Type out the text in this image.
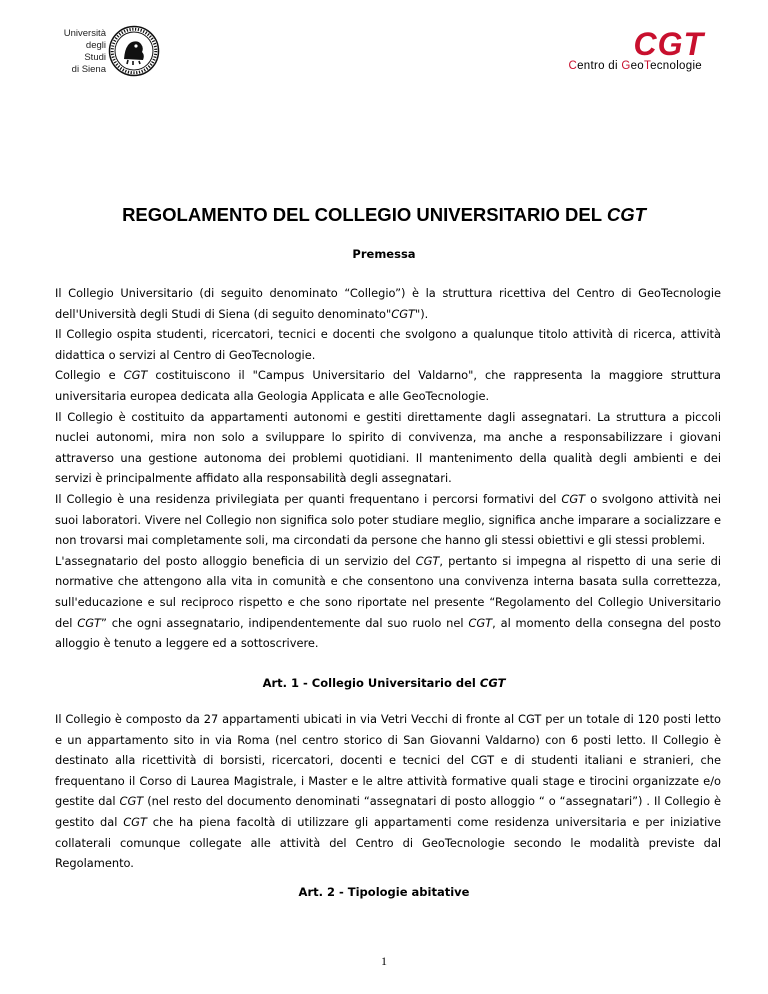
Università
degli
Studi
di Siena
CGT
Centro di GeoTecnologie
REGOLAMENTO DEL COLLEGIO UNIVERSITARIO DEL CGT
Premessa

Il Collegio Universitario (di seguito denominato “Collegio”) è la struttura ricettiva del Centro di GeoTecnologie dell'Università degli Studi di Siena (di seguito denominato"CGT").

Il Collegio ospita studenti, ricercatori, tecnici e docenti che svolgono a qualunque titolo attività di ricerca, attività didattica o servizi al Centro di GeoTecnologie.

Collegio e CGT costituiscono il "Campus Universitario del Valdarno", che rappresenta la maggiore struttura universitaria europea dedicata alla Geologia Applicata e alle GeoTecnologie.

Il Collegio è costituito da appartamenti autonomi e gestiti direttamente dagli assegnatari. La struttura a piccoli nuclei autonomi, mira non solo a sviluppare lo spirito di convivenza, ma anche a responsabilizzare i giovani attraverso una gestione autonoma dei problemi quotidiani. Il mantenimento della qualità degli ambienti e dei servizi è principalmente affidato alla responsabilità degli assegnatari.

Il Collegio è una residenza privilegiata per quanti frequentano i percorsi formativi del CGT o svolgono attività nei suoi laboratori. Vivere nel Collegio non significa solo poter studiare meglio, significa anche imparare a socializzare e non trovarsi mai completamente soli, ma circondati da persone che hanno gli stessi obiettivi e gli stessi problemi.

L'assegnatario del posto alloggio beneficia di un servizio del CGT, pertanto si impegna al rispetto di una serie di normative che attengono alla vita in comunità e che consentono una convivenza interna basata sulla correttezza, sull'educazione e sul reciproco rispetto e che sono riportate nel presente “Regolamento del Collegio Universitario del CGT” che ogni assegnatario, indipendentemente dal suo ruolo nel CGT, al momento della consegna del posto alloggio è tenuto a leggere ed a sottoscrivere.

Art. 1 - Collegio Universitario del CGT

Il Collegio è composto da 27 appartamenti ubicati in via Vetri Vecchi di fronte al CGT per un totale di 120 posti letto e un appartamento sito in via Roma (nel centro storico di San Giovanni Valdarno) con 6 posti letto. Il Collegio è destinato alla ricettività di borsisti, ricercatori, docenti e tecnici del CGT e di studenti italiani e stranieri, che frequentano il Corso di Laurea Magistrale, i Master e le altre attività formative quali stage e tirocini organizzate e/o gestite dal CGT (nel resto del documento denominati “assegnatari di posto alloggio “ o “assegnatari”) . Il Collegio è gestito dal CGT che ha piena facoltà di utilizzare gli appartamenti come residenza universitaria e per iniziative collaterali comunque collegate alle attività del Centro di GeoTecnologie secondo le modalità previste dal Regolamento.

Art. 2 - Tipologie abitative
1
